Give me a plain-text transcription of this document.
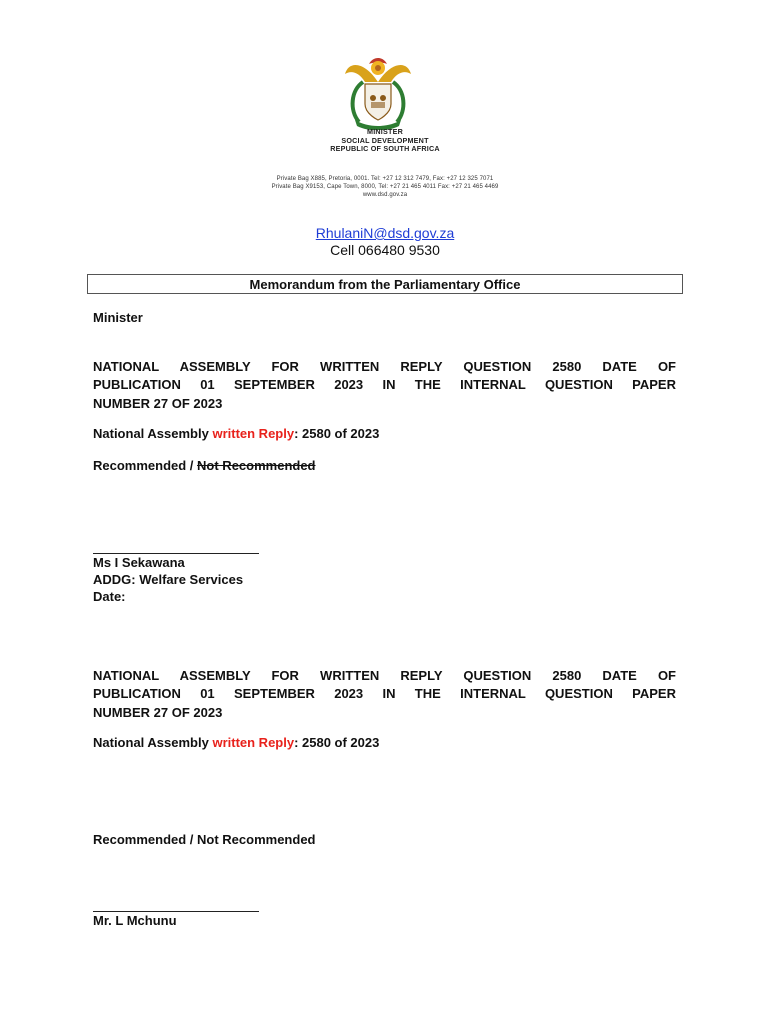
MINISTER
SOCIAL DEVELOPMENT
REPUBLIC OF SOUTH AFRICA
Private Bag X885, Pretoria, 0001. Tel: +27 12 312 7479, Fax: +27 12 325 7071
Private Bag X9153, Cape Town, 8000, Tel: +27 21 465 4011 Fax: +27 21 465 4469
www.dsd.gov.za
RhulaniN@dsd.gov.za
Cell 066480 9530
Memorandum from the Parliamentary Office
Minister
NATIONAL ASSEMBLY FOR WRITTEN REPLY QUESTION 2580 DATE OF
PUBLICATION 01 SEPTEMBER 2023 IN THE INTERNAL QUESTION PAPER
NUMBER 27 OF 2023
National Assembly written Reply: 2580 of 2023
Recommended / Not Recommended
Ms I Sekawana
ADDG: Welfare Services
Date:
NATIONAL ASSEMBLY FOR WRITTEN REPLY QUESTION 2580 DATE OF
PUBLICATION 01 SEPTEMBER 2023 IN THE INTERNAL QUESTION PAPER
NUMBER 27 OF 2023
National Assembly written Reply: 2580 of 2023
Recommended / Not Recommended
Mr. L Mchunu
